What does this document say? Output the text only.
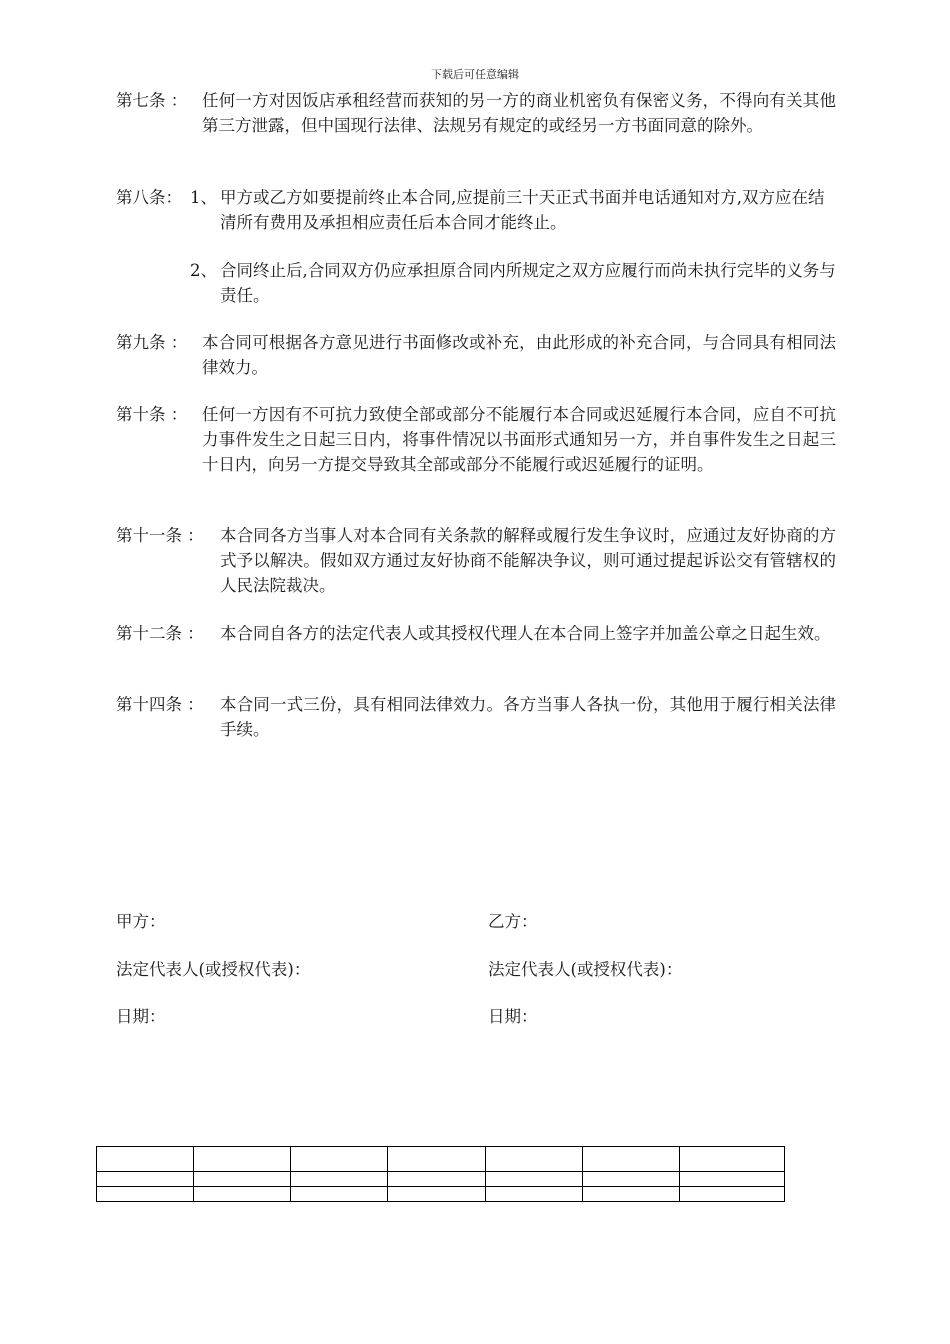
下载后可任意编辑
第七条 ： 任何一方对因饭店承租经营而获知的另一方的商业机密负有保密义务，不得向有关其他第三方泄露，但中国现行法律、法规另有规定的或经另一方书面同意的除外。
第八条： 1、 甲方或乙方如要提前终止本合同,应提前三十天正式书面并电话通知对方,双方应在结清所有费用及承担相应责任后本合同才能终止。
2、 合同终止后,合同双方仍应承担原合同内所规定之双方应履行而尚未执行完毕的义务与责任。
第九条 ： 本合同可根据各方意见进行书面修改或补充，由此形成的补充合同，与合同具有相同法律效力。
第十条 ： 任何一方因有不可抗力致使全部或部分不能履行本合同或迟延履行本合同，应自不可抗力事件发生之日起三日内，将事件情况以书面形式通知另一方，并自事件发生之日起三十日内，向另一方提交导致其全部或部分不能履行或迟延履行的证明。
第十一条 ： 本合同各方当事人对本合同有关条款的解释或履行发生争议时，应通过友好协商的方式予以解决。假如双方通过友好协商不能解决争议，则可通过提起诉讼交有管辖权的人民法院裁决。
第十二条 ： 本合同自各方的法定代表人或其授权代理人在本合同上签字并加盖公章之日起生效。
第十四条 ： 本合同一式三份，具有相同法律效力。各方当事人各执一份，其他用于履行相关法律手续。
甲方：	乙方：
法定代表人(或授权代表)：	法定代表人(或授权代表)：
日期：	日期：
